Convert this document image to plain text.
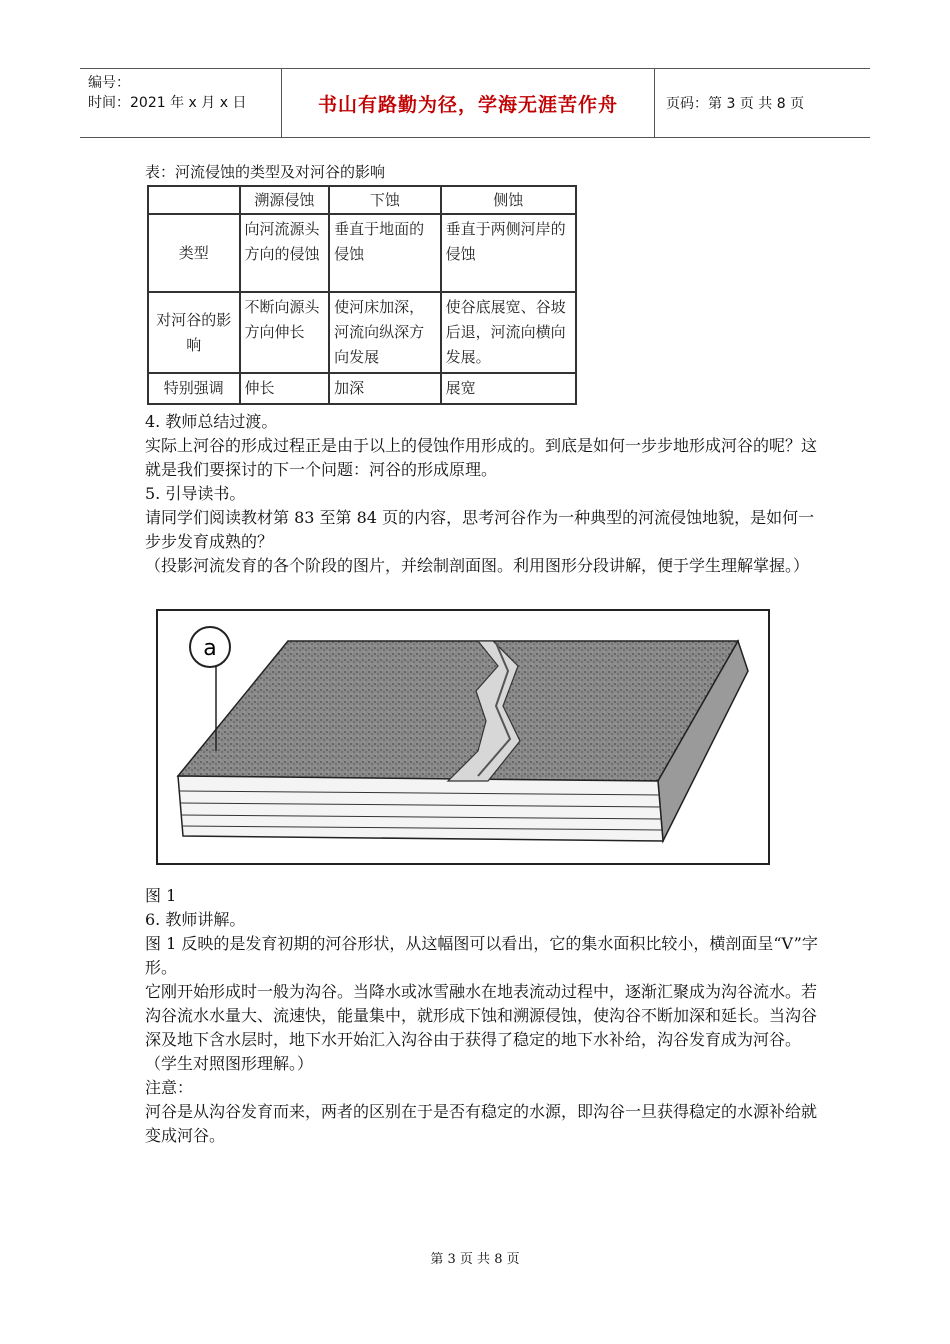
编号：
时间：2021 年 x 月 x 日	书山有路勤为径，学海无涯苦作舟	页码：第 3 页 共 8 页
表：河流侵蚀的类型及对河谷的影响
	溯源侵蚀	下蚀	侧蚀
类型	向河流源头方向的侵蚀	垂直于地面的侵蚀	垂直于两侧河岸的侵蚀
对河谷的影响	不断向源头方向伸长	使河床加深，河流向纵深方向发展	使谷底展宽、谷坡后退，河流向横向发展。
特别强调	伸长	加深	展宽

4. 教师总结过渡。

实际上河谷的形成过程正是由于以上的侵蚀作用形成的。到底是如何一步步地形成河谷的呢？这就是我们要探讨的下一个问题：河谷的形成原理。

5. 引导读书。

请同学们阅读教材第 83 至第 84 页的内容，思考河谷作为一种典型的河流侵蚀地貌，是如何一步步发育成熟的？

（投影河流发育的各个阶段的图片，并绘制剖面图。利用图形分段讲解，便于学生理解掌握。）

a

图 1

6. 教师讲解。

图 1 反映的是发育初期的河谷形状，从这幅图可以看出，它的集水面积比较小，横剖面呈“V”字形。

它刚开始形成时一般为沟谷。当降水或冰雪融水在地表流动过程中，逐渐汇聚成为沟谷流水。若沟谷流水水量大、流速快，能量集中，就形成下蚀和溯源侵蚀，使沟谷不断加深和延长。当沟谷深及地下含水层时，地下水开始汇入沟谷由于获得了稳定的地下水补给，沟谷发育成为河谷。

（学生对照图形理解。）

注意：

河谷是从沟谷发育而来，两者的区别在于是否有稳定的水源，即沟谷一旦获得稳定的水源补给就变成河谷。

第 3 页 共 8 页
